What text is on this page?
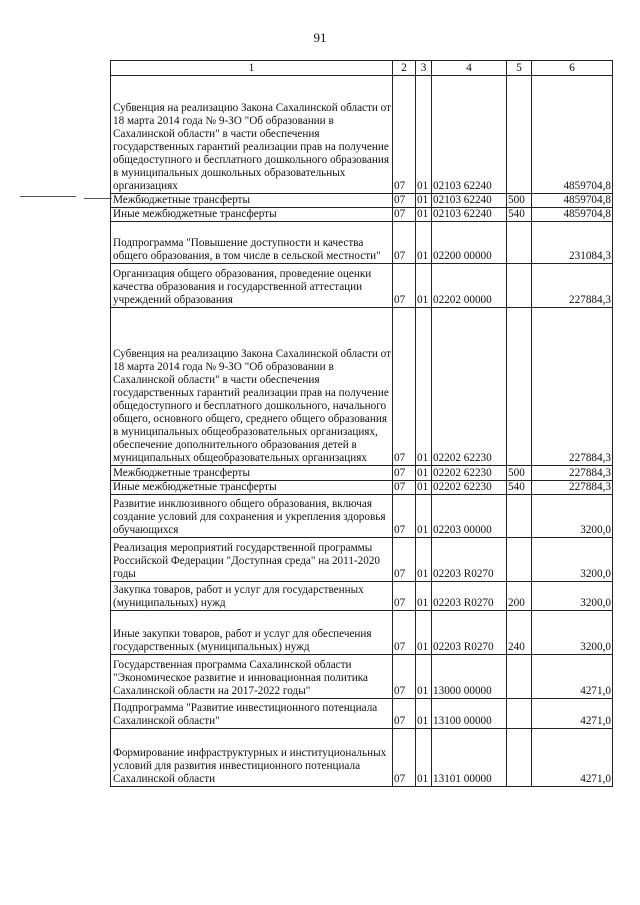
91
1	2	3	4	5	6
Субвенция на реализацию Закона Сахалинской области от 18 марта 2014 года № 9-ЗО "Об образовании в Сахалинской области" в части обеспечения государственных гарантий реализации прав на получение общедоступного и бесплатного дошкольного образования в муниципальных дошкольных образовательных организациях	07	01	02103 62240		4859704,8
Межбюджетные трансферты	07	01	02103 62240	500	4859704,8
Иные межбюджетные трансферты	07	01	02103 62240	540	4859704,8
Подпрограмма "Повышение доступности и качества общего образования, в том числе в сельской местности"	07	01	02200 00000		231084,3
Организация общего образования, проведение оценки качества образования и государственной аттестации учреждений образования	07	01	02202 00000		227884,3
Субвенция на реализацию Закона Сахалинской области от 18 марта 2014 года № 9-ЗО "Об образовании в Сахалинской области" в части обеспечения государственных гарантий реализации прав на получение общедоступного и бесплатного дошкольного, начального общего, основного общего, среднего общего образования в муниципальных общеобразовательных организациях, обеспечение дополнительного образования детей в муниципальных общеобразовательных организациях	07	01	02202 62230		227884,3
Межбюджетные трансферты	07	01	02202 62230	500	227884,3
Иные межбюджетные трансферты	07	01	02202 62230	540	227884,3
Развитие инклюзивного общего образования, включая создание условий для сохранения и укрепления здоровья обучающихся	07	01	02203 00000		3200,0
Реализация мероприятий государственной программы Российской Федерации "Доступная среда" на 2011-2020 годы	07	01	02203 R0270		3200,0
Закупка товаров, работ и услуг для государственных (муниципальных) нужд	07	01	02203 R0270	200	3200,0
Иные закупки товаров, работ и услуг для обеспечения государственных (муниципальных) нужд	07	01	02203 R0270	240	3200,0
Государственная программа Сахалинской области "Экономическое развитие и инновационная политика Сахалинской области на 2017-2022 годы"	07	01	13000 00000		4271,0
Подпрограмма "Развитие инвестиционного потенциала Сахалинской области"	07	01	13100 00000		4271,0
Формирование инфраструктурных и институциональных условий для развития инвестиционного потенциала Сахалинской области	07	01	13101 00000		4271,0
